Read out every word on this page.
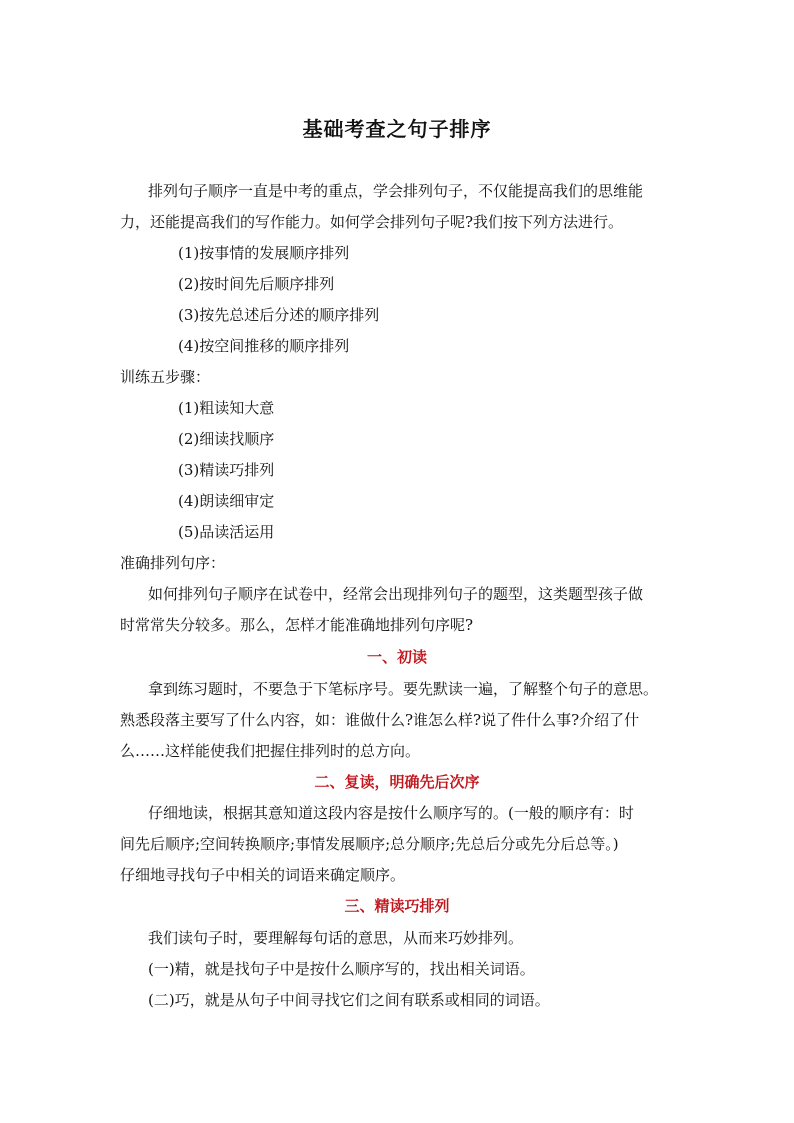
基础考查之句子排序
排列句子顺序一直是中考的重点，学会排列句子，不仅能提高我们的思维能
力，还能提高我们的写作能力。如何学会排列句子呢?我们按下列方法进行。
(1)按事情的发展顺序排列
(2)按时间先后顺序排列
(3)按先总述后分述的顺序排列
(4)按空间推移的顺序排列
训练五步骤：
(1)粗读知大意
(2)细读找顺序
(3)精读巧排列
(4)朗读细审定
(5)品读活运用
准确排列句序：
如何排列句子顺序在试卷中，经常会出现排列句子的题型，这类题型孩子做
时常常失分较多。那么，怎样才能准确地排列句序呢?
一、初读
拿到练习题时，不要急于下笔标序号。要先默读一遍，了解整个句子的意思。
熟悉段落主要写了什么内容，如：谁做什么?谁怎么样?说了件什么事?介绍了什
么……这样能使我们把握住排列时的总方向。
二、复读，明确先后次序
仔细地读，根据其意知道这段内容是按什么顺序写的。(一般的顺序有：时
间先后顺序;空间转换顺序;事情发展顺序;总分顺序;先总后分或先分后总等。)
仔细地寻找句子中相关的词语来确定顺序。
三、精读巧排列
我们读句子时，要理解每句话的意思，从而来巧妙排列。
(一)精，就是找句子中是按什么顺序写的，找出相关词语。
(二)巧，就是从句子中间寻找它们之间有联系或相同的词语。
